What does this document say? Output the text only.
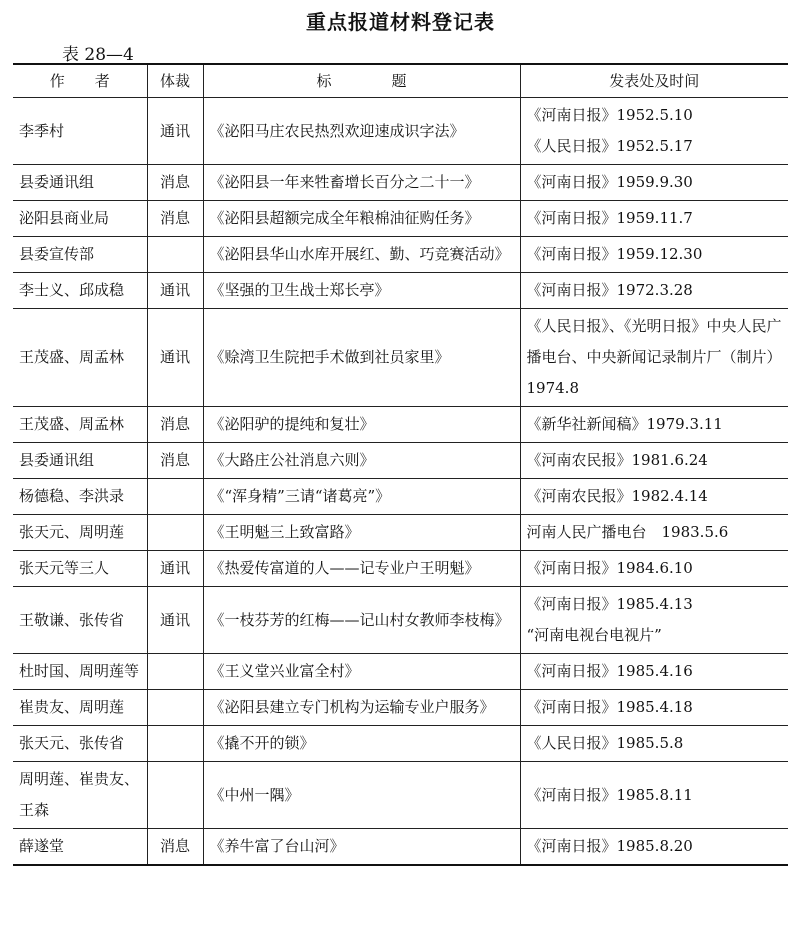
重点报道材料登记表
表 28—4
作　　者	体裁	标　　　　题	发表处及时间
李季村	通讯	《泌阳马庄农民热烈欢迎速成识字法》	《河南日报》1952.5.10
《人民日报》1952.5.17

县委通讯组	消息	《泌阳县一年来牲畜增长百分之二十一》	《河南日报》1959.9.30

泌阳县商业局	消息	《泌阳县超额完成全年粮棉油征购任务》	《河南日报》1959.11.7

县委宣传部		《泌阳县华山水库开展红、勤、巧竞赛活动》	《河南日报》1959.12.30

李士义、邱成稳	通讯	《坚强的卫生战士郑长亭》	《河南日报》1972.3.28

王茂盛、周孟林	通讯	《赊湾卫生院把手术做到社员家里》	《人民日报》、《光明日报》中央人民广播电台、中央新闻记录制片厂（制片）1974.8

王茂盛、周孟林	消息	《泌阳驴的提纯和复壮》	《新华社新闻稿》1979.3.11

县委通讯组	消息	《大路庄公社消息六则》	《河南农民报》1981.6.24

杨德稳、李洪录		《“浑身精”三请“诸葛亮”》	《河南农民报》1982.4.14

张天元、周明莲		《王明魁三上致富路》	河南人民广播电台　1983.5.6

张天元等三人	通讯	《热爱传富道的人——记专业户王明魁》	《河南日报》1984.6.10

王敬谦、张传省	通讯	《一枝芬芳的红梅——记山村女教师李枝梅》	《河南日报》1985.4.13
“河南电视台电视片”

杜时国、周明莲等		《王义堂兴业富全村》	《河南日报》1985.4.16

崔贵友、周明莲		《泌阳县建立专门机构为运输专业户服务》	《河南日报》1985.4.18

张天元、张传省		《撬不开的锁》	《人民日报》1985.5.8

周明莲、崔贵友、王森		《中州一隅》	《河南日报》1985.8.11

薛遂堂	消息	《养牛富了台山河》	《河南日报》1985.8.20
